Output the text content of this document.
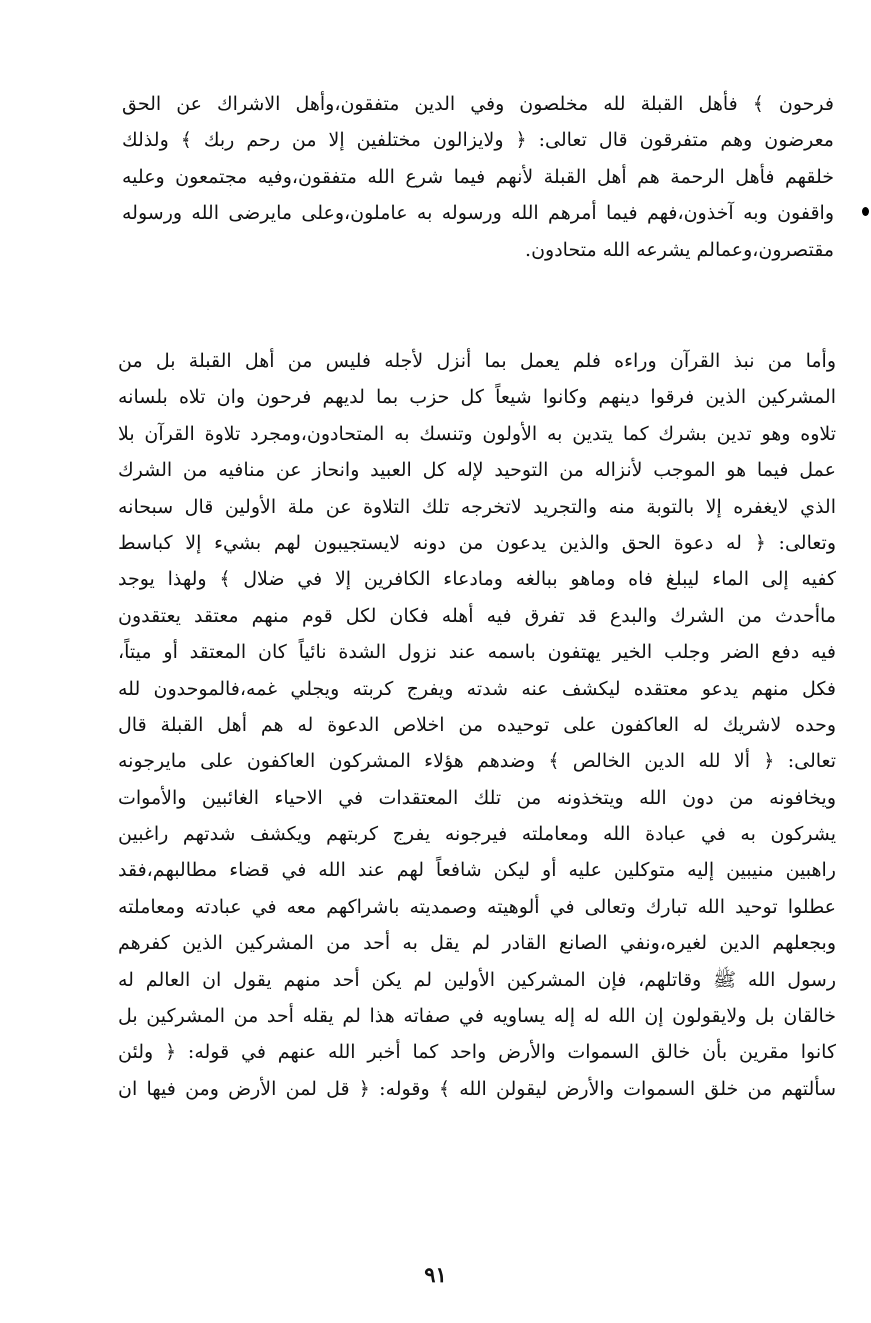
فرحون ﴾ فأهل القبلة لله مخلصون وفي الدين متفقون،وأهل الاشراك عن الحق
معرضون وهم متفرقون قال تعالى: ﴿ ولايزالون مختلفين إلا من رحم ربك ﴾ ولذلك
خلقهم فأهل الرحمة هم أهل القبلة لأنهم فيما شرع الله متفقون،وفيه مجتمعون وعليه
واقفون وبه آخذون،فهم فيما أمرهم الله ورسوله به عاملون،وعلى مايرضى الله ورسوله
مقتصرون،وعمالم يشرعه الله متحادون.
وأما من نبذ القرآن وراءه فلم يعمل بما أنزل لأجله فليس من أهل القبلة بل من
المشركين الذين فرقوا دينهم وكانوا شيعاً كل حزب بما لديهم فرحون وان تلاه بلسانه
تلاوه وهو تدين بشرك كما يتدين به الأولون وتنسك به المتحادون،ومجرد تلاوة القرآن بلا
عمل فيما هو الموجب لأنزاله من التوحيد لإله كل العبيد وانحاز عن منافيه من الشرك
الذي لايغفره إلا بالتوبة منه والتجريد لاتخرجه تلك التلاوة عن ملة الأولين قال سبحانه
وتعالى: ﴿ له دعوة الحق والذين يدعون من دونه لايستجيبون لهم بشيء إلا كباسط
كفيه إلى الماء ليبلغ فاه وماهو ببالغه ومادعاء الكافرين إلا في ضلال ﴾ ولهذا يوجد
ماأحدث من الشرك والبدع قد تفرق فيه أهله فكان لكل قوم منهم معتقد يعتقدون
فيه دفع الضر وجلب الخير يهتفون باسمه عند نزول الشدة نائياً كان المعتقد أو ميتاً،
فكل منهم يدعو معتقده ليكشف عنه شدته ويفرج كربته ويجلي غمه،فالموحدون لله
وحده لاشريك له العاكفون على توحيده من اخلاص الدعوة له هم أهل القبلة قال
تعالى: ﴿ ألا لله الدين الخالص ﴾ وضدهم هؤلاء المشركون العاكفون على مايرجونه
ويخافونه من دون الله ويتخذونه من تلك المعتقدات في الاحياء الغائبين والأموات
يشركون به في عبادة الله ومعاملته فيرجونه يفرج كربتهم ويكشف شدتهم راغبين
راهبين منيبين إليه متوكلين عليه أو ليكن شافعاً لهم عند الله في قضاء مطالبهم،فقد
عطلوا توحيد الله تبارك وتعالى في ألوهيته وصمديته باشراكهم معه في عبادته ومعاملته
وبجعلهم الدين لغيره،ونفي الصانع القادر لم يقل به أحد من المشركين الذين كفرهم
رسول الله ﷺ وقاتلهم، فإن المشركين الأولين لم يكن أحد منهم يقول ان العالم له
خالقان بل ولايقولون إن الله له إله يساويه في صفاته هذا لم يقله أحد من المشركين بل
كانوا مقرين بأن خالق السموات والأرض واحد كما أخبر الله عنهم في قوله: ﴿ ولئن
سألتهم من خلق السموات والأرض ليقولن الله ﴾ وقوله: ﴿ قل لمن الأرض ومن فيها ان
٩١
